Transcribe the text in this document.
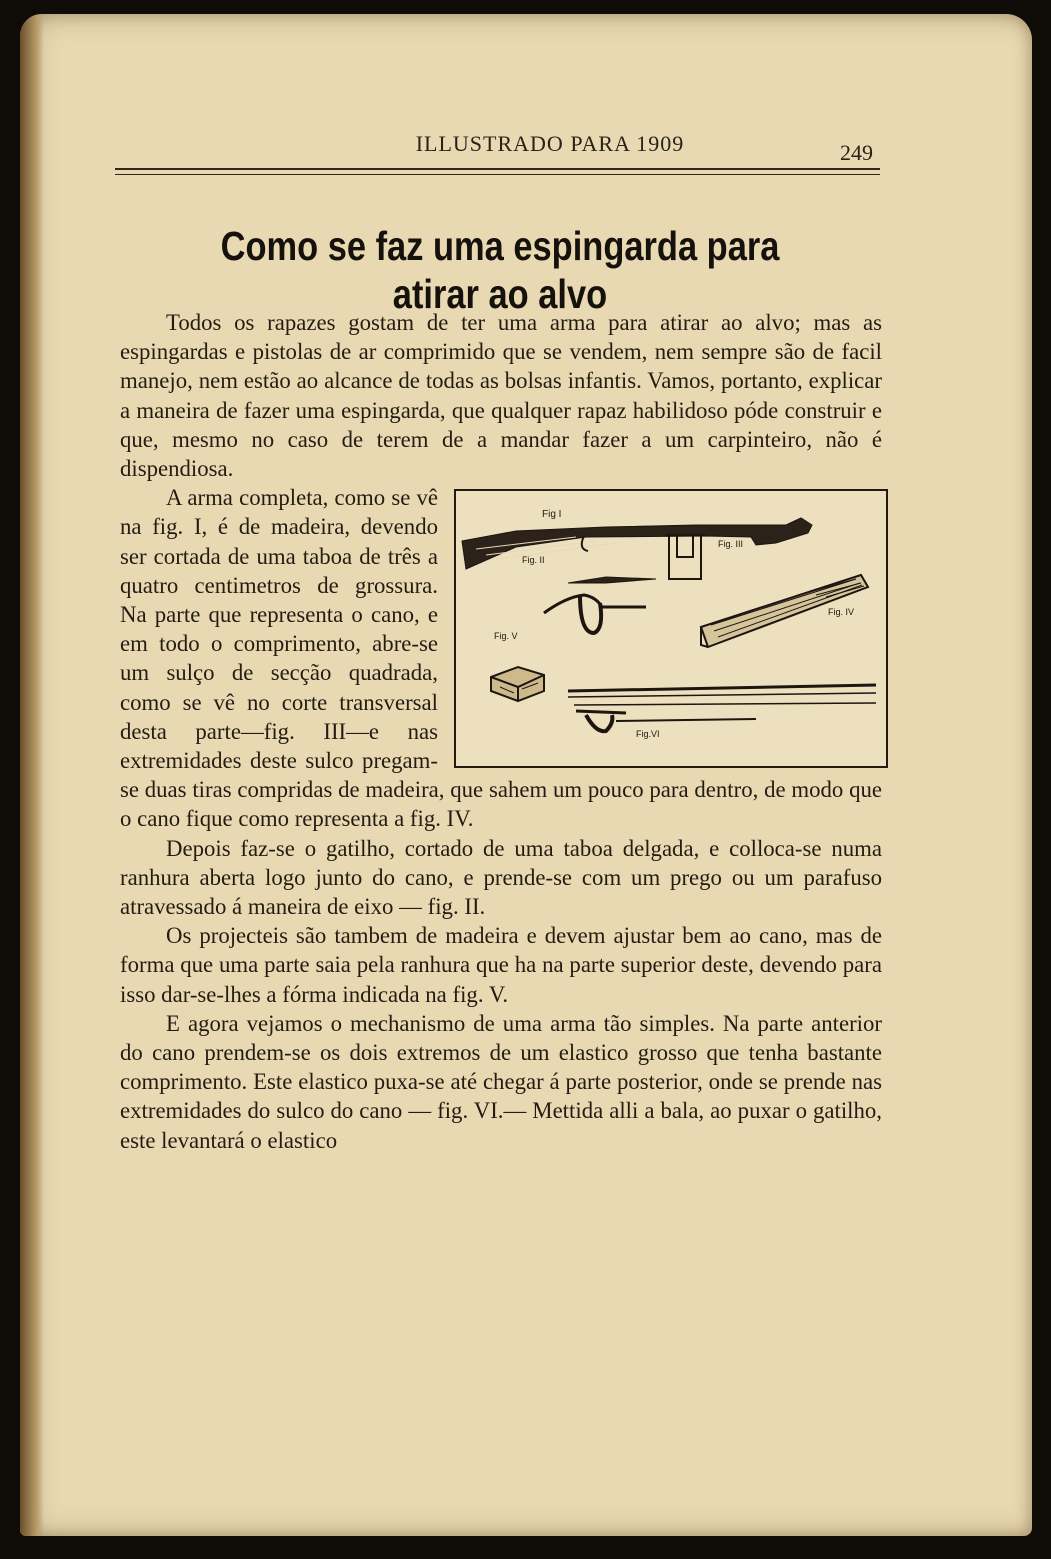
ILLUSTRADO PARA 1909	249
Como se faz uma espingarda para atirar ao alvo

Todos os rapazes gostam de ter uma arma para atirar ao alvo; mas as espingardas e pistolas de ar comprimido que se vendem, nem sempre são de facil manejo, nem estão ao alcance de todas as bolsas infantis. Vamos, portanto, explicar a maneira de fazer uma espingarda, que qualquer rapaz habilidoso póde construir e que, mesmo no caso de terem de a mandar fazer a um carpinteiro, não é dispendiosa.

Fig I
Fig. III
Fig. II
Fig. IV
Fig. V
Fig.VI

A arma completa, como se vê na fig. I, é de madeira, devendo ser cortada de uma taboa de três a quatro centimetros de grossura. Na parte que representa o cano, e em todo o comprimento, abre-se um sulço de secção quadrada, como se vê no corte transversal desta parte—fig. III—e nas extremidades deste sulco pregam-se duas tiras compridas de madeira, que sahem um pouco para dentro, de modo que o cano fique como representa a fig. IV.

Depois faz-se o gatilho, cortado de uma taboa delgada, e colloca-se numa ranhura aberta logo junto do cano, e prende-se com um prego ou um parafuso atravessado á maneira de eixo — fig. II.

Os projecteis são tambem de madeira e devem ajustar bem ao cano, mas de forma que uma parte saia pela ranhura que ha na parte superior deste, devendo para isso dar-se-lhes a fórma indicada na fig. V.

E agora vejamos o mechanismo de uma arma tão simples. Na parte anterior do cano prendem-se os dois extremos de um elastico grosso que tenha bastante comprimento. Este elastico puxa-se até chegar á parte posterior, onde se prende nas extremidades do sulco do cano — fig. VI.— Mettida alli a bala, ao puxar o gatilho, este levantará o elastico
